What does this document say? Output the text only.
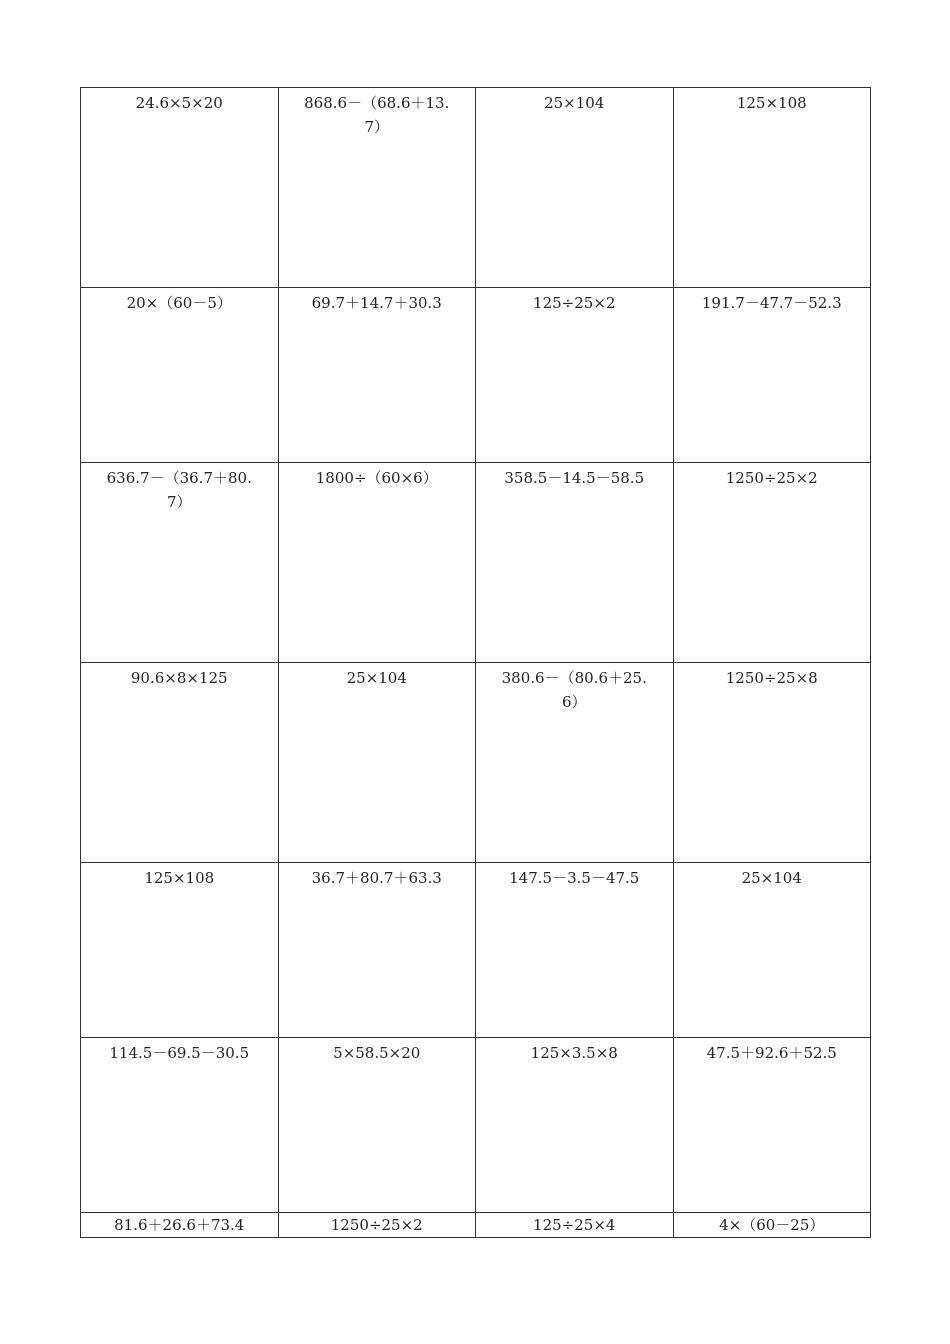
24.6×5×20	868.6－（68.6＋13.7）	25×104	125×108
20×（60－5）	69.7＋14.7＋30.3	125÷25×2	191.7－47.7－52.3
636.7－（36.7＋80.7）	1800÷（60×6）	358.5－14.5－58.5	1250÷25×2
90.6×8×125	25×104	380.6－（80.6＋25.6）	1250÷25×8
125×108	36.7＋80.7＋63.3	147.5－3.5－47.5	25×104
114.5－69.5－30.5	5×58.5×20	125×3.5×8	47.5＋92.6＋52.5
81.6＋26.6＋73.4	1250÷25×2	125÷25×4	4×（60－25）
